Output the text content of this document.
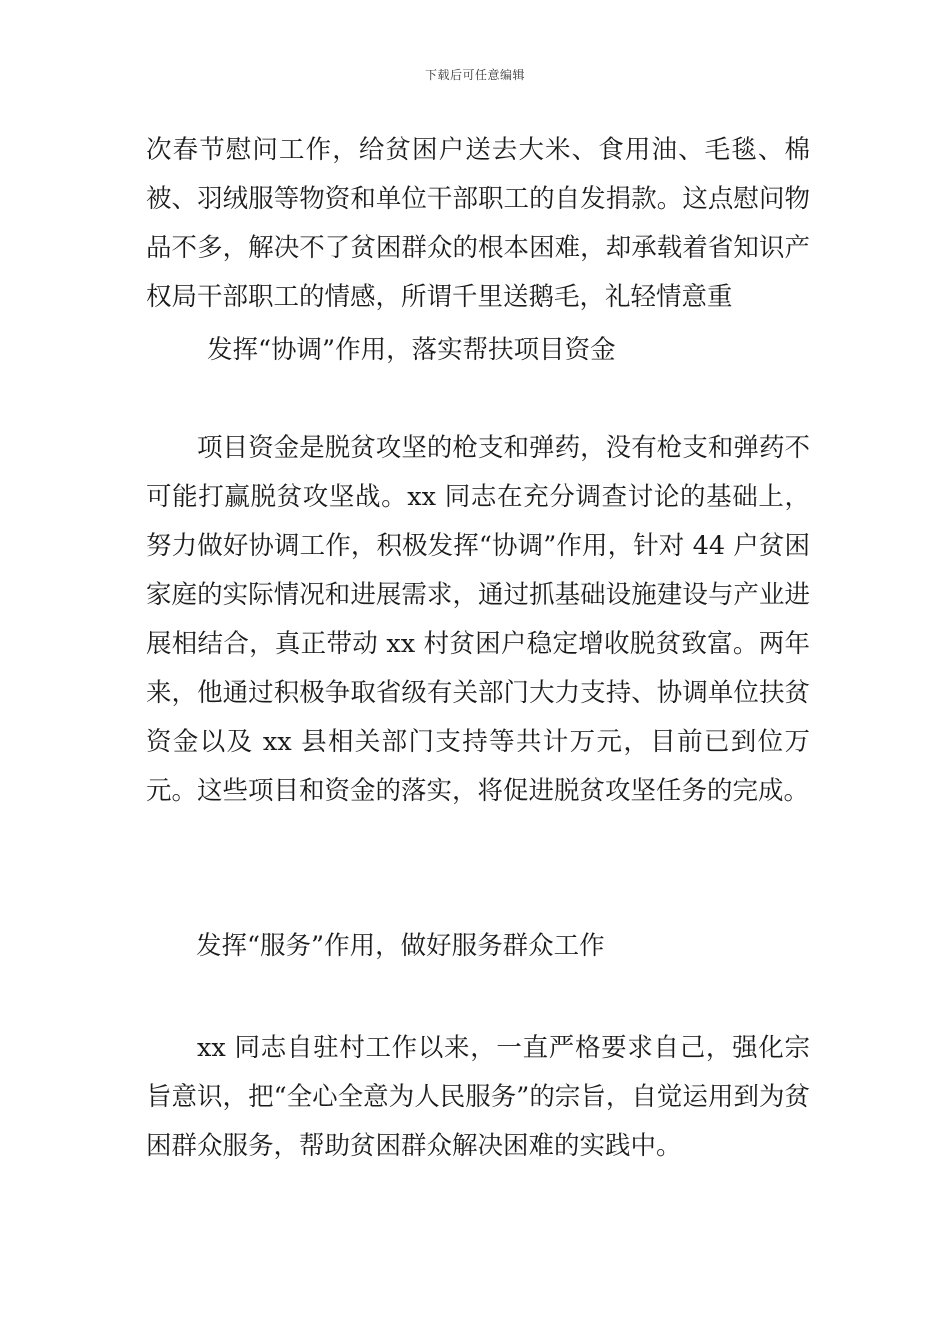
下载后可任意编辑
次春节慰问工作，给贫困户送去大米、食用油、毛毯、棉被、羽绒服等物资和单位干部职工的自发捐款。这点慰问物品不多，解决不了贫困群众的根本困难，却承载着省知识产权局干部职工的情感，所谓千里送鹅毛，礼轻情意重
发挥“协调”作用，落实帮扶项目资金
项目资金是脱贫攻坚的枪支和弹药，没有枪支和弹药不可能打赢脱贫攻坚战。xx 同志在充分调查讨论的基础上，努力做好协调工作，积极发挥“协调”作用，针对 44 户贫困家庭的实际情况和进展需求，通过抓基础设施建设与产业进展相结合，真正带动 xx 村贫困户稳定增收脱贫致富。两年来，他通过积极争取省级有关部门大力支持、协调单位扶贫资金以及 xx 县相关部门支持等共计万元，目前已到位万元。这些项目和资金的落实，将促进脱贫攻坚任务的完成。
发挥“服务”作用，做好服务群众工作
xx 同志自驻村工作以来，一直严格要求自己，强化宗旨意识，把“全心全意为人民服务”的宗旨，自觉运用到为贫困群众服务，帮助贫困群众解决困难的实践中。
